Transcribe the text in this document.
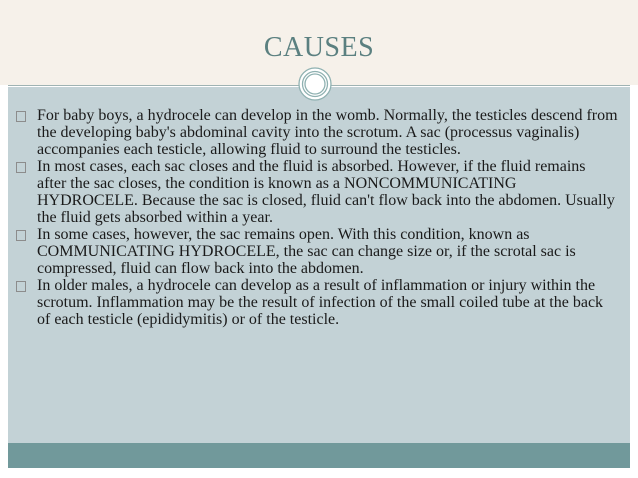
CAUSES
For baby boys, a hydrocele can develop in the womb. Normally, the testicles descend from the developing baby's abdominal cavity into the scrotum. A sac (processus vaginalis) accompanies each testicle, allowing fluid to surround the testicles.
In most cases, each sac closes and the fluid is absorbed. However, if the fluid remains after the sac closes, the condition is known as a NONCOMMUNICATING HYDROCELE. Because the sac is closed, fluid can't flow back into the abdomen. Usually the fluid gets absorbed within a year.
In some cases, however, the sac remains open. With this condition, known as COMMUNICATING HYDROCELE, the sac can change size or, if the scrotal sac is compressed, fluid can flow back into the abdomen.
In older males, a hydrocele can develop as a result of inflammation or injury within the scrotum. Inflammation may be the result of infection of the small coiled tube at the back of each testicle (epididymitis) or of the testicle.
